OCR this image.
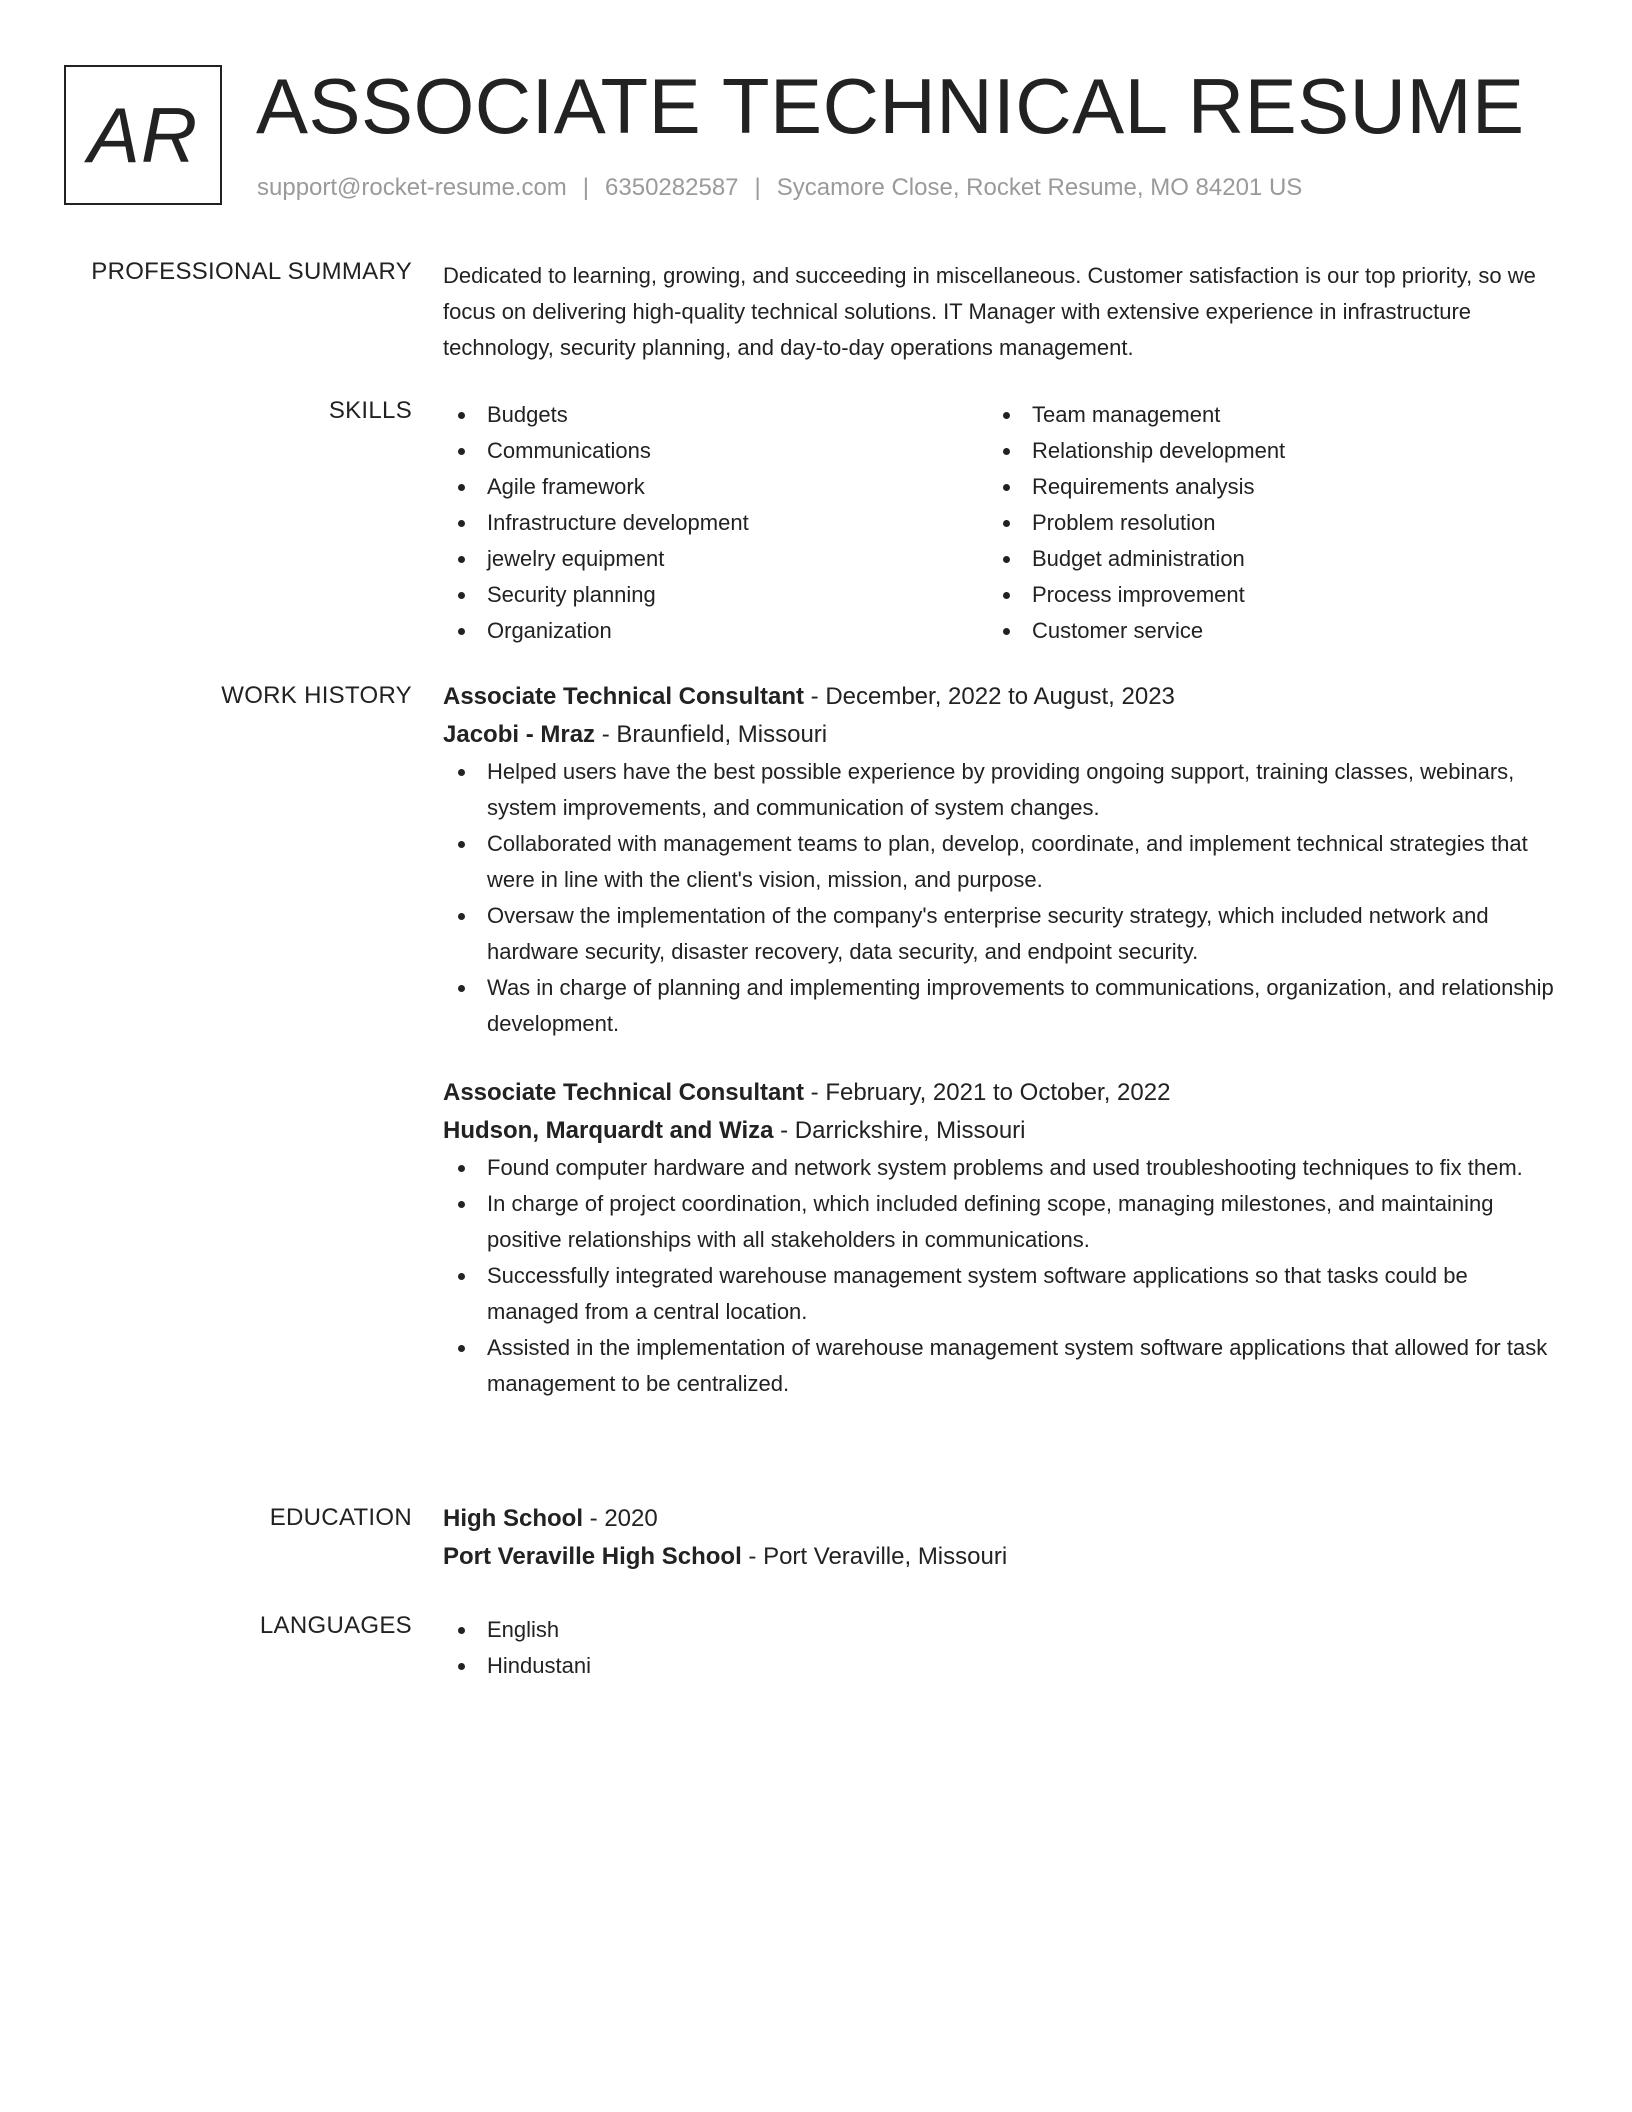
AR ASSOCIATE TECHNICAL RESUME
support@rocket-resume.com | 6350282587 | Sycamore Close, Rocket Resume, MO 84201 US
PROFESSIONAL SUMMARY Dedicated to learning, growing, and succeeding in miscellaneous. Customer satisfaction is our top priority, so we focus on delivering high-quality technical solutions. IT Manager with extensive experience in infrastructure technology, security planning, and day-to-day operations management.

SKILLS	Budgets
Communications
Agile framework
Infrastructure development
jewelry equipment
Security planning
Organization
Team management
Relationship development
Requirements analysis
Problem resolution
Budget administration
Process improvement
Customer service
WORK HISTORY Associate Technical Consultant - December, 2022 to August, 2023
Jacobi - Mraz - Braunfield, Missouri
Helped users have the best possible experience by providing ongoing support, training classes, webinars, system improvements, and communication of system changes.
Collaborated with management teams to plan, develop, coordinate, and implement technical strategies that were in line with the client's vision, mission, and purpose.
Oversaw the implementation of the company's enterprise security strategy, which included network and hardware security, disaster recovery, data security, and endpoint security.
Was in charge of planning and implementing improvements to communications, organization, and relationship development.
Associate Technical Consultant - February, 2021 to October, 2022
Hudson, Marquardt and Wiza - Darrickshire, Missouri
Found computer hardware and network system problems and used troubleshooting techniques to fix them.
In charge of project coordination, which included defining scope, managing milestones, and maintaining positive relationships with all stakeholders in communications.
Successfully integrated warehouse management system software applications so that tasks could be managed from a central location.
Assisted in the implementation of warehouse management system software applications that allowed for task management to be centralized.
EDUCATION High School - 2020
Port Veraville High School - Port Veraville, Missouri
LANGUAGES	English
Hindustani
